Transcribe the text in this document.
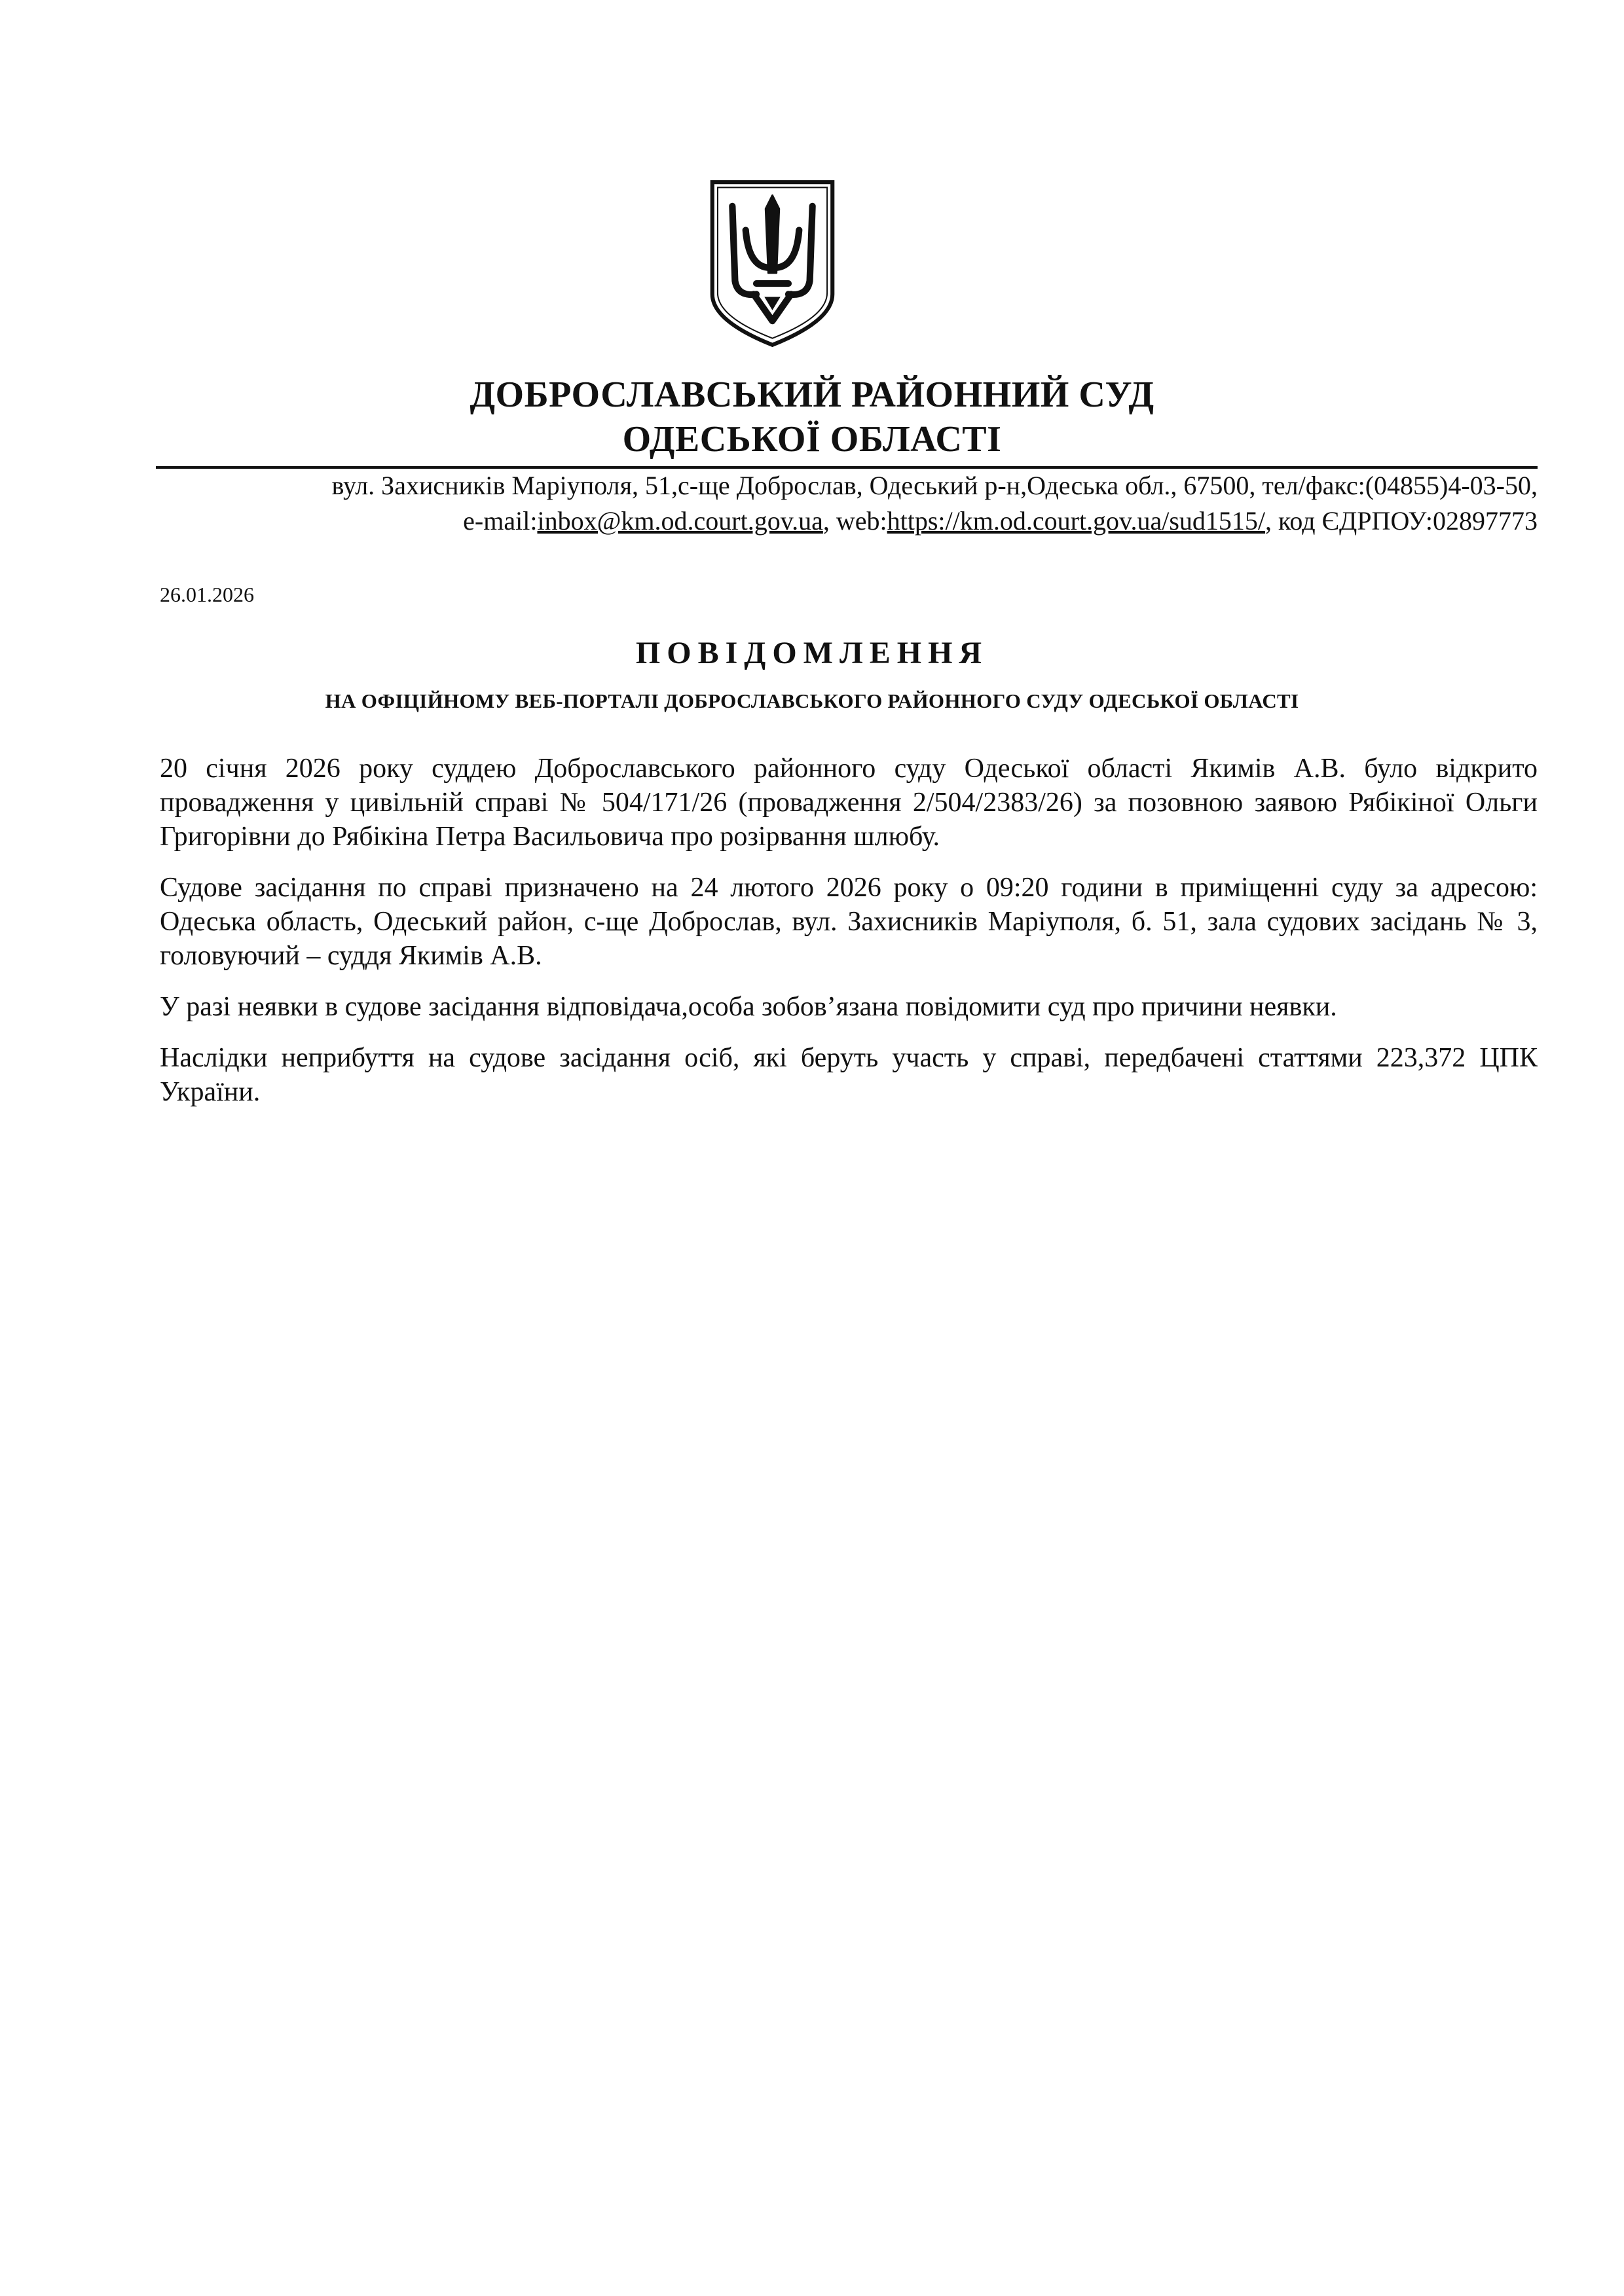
ДОБРОСЛАВСЬКИЙ РАЙОННИЙ СУД
ОДЕСЬКОЇ ОБЛАСТІ
вул. Захисників Маріуполя, 51,с-ще Доброслав, Одеський р-н,Одеська обл., 67500, тел/факс:(04855)4-03-50,
e-mail:inbox@km.od.court.gov.ua, web:https://km.od.court.gov.ua/sud1515/, код ЄДРПОУ:02897773
26.01.2026
ПОВІДОМЛЕННЯ
НА ОФІЦІЙНОМУ ВЕБ-ПОРТАЛІ ДОБРОСЛАВСЬКОГО РАЙОННОГО СУДУ ОДЕСЬКОЇ ОБЛАСТІ

20 січня 2026 року суддею Доброславського районного суду Одеської області Якимів А.В. було відкрито провадження у цивільній справі № 504/171/26 (провадження 2/504/2383/26) за позовною заявою Рябікіної Ольги Григорівни до Рябікіна Петра Васильовича про розірвання шлюбу.

Судове засідання по справі призначено на 24 лютого 2026 року о 09:20 години в приміщенні суду за адресою: Одеська область, Одеський район, с-ще Доброслав, вул. Захисників Маріуполя, б. 51, зала судових засідань № 3, головуючий – суддя Якимів А.В.

У разі неявки в судове засідання відповідача,особа зобов’язана повідомити суд про причини неявки.

Наслідки неприбуття на судове засідання осіб, які беруть участь у справі, передбачені статтями 223,372 ЦПК України.
